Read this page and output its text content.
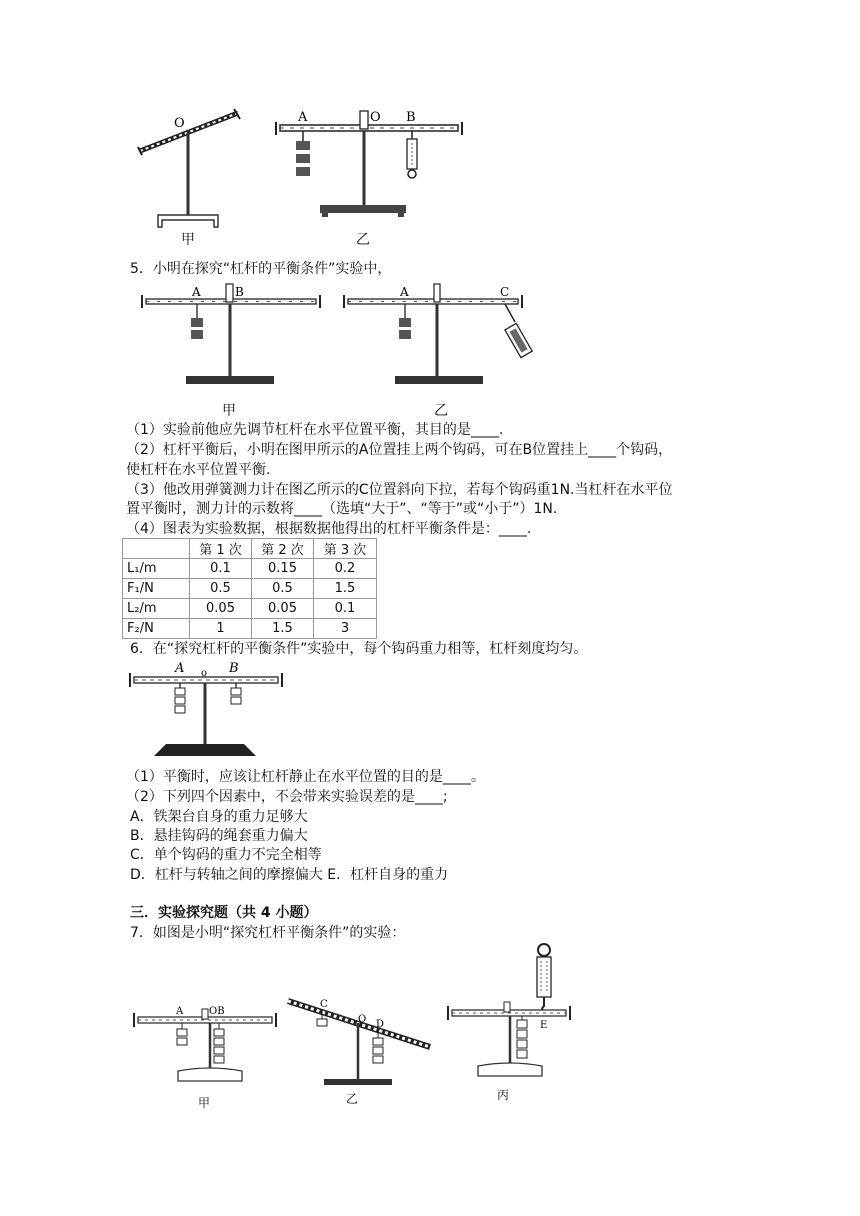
O
甲
A	O B
乙
5．小明在探究“杠杆的平衡条件”实验中，
A	B
甲
A	C
乙
（1）实验前他应先调节杠杆在水平位置平衡，其目的是____.
（2）杠杆平衡后，小明在图甲所示的A位置挂上两个钩码，可在B位置挂上____个钩码，
使杠杆在水平位置平衡.
（3）他改用弹簧测力计在图乙所示的C位置斜向下拉，若每个钩码重1N.当杠杆在水平位
置平衡时，测力计的示数将____（选填“大于”、“等于”或“小于”）1N.
（4）图表为实验数据，根据数据他得出的杠杆平衡条件是：____.
	第 1 次	第 2 次	第 3 次
L₁/m	0.1	0.15	0.2
F₁/N	0.5	0.5	1.5
L₂/m	0.05	0.05	0.1
F₂/N	1	1.5	3
6．在“探究杠杆的平衡条件”实验中，每个钩码重力相等，杠杆刻度均匀。
A o B
（1）平衡时，应该让杠杆静止在水平位置的目的是____。
（2）下列四个因素中，不会带来实验误差的是____;
A．铁架台自身的重力足够大
B．悬挂钩码的绳套重力偏大
C．单个钩码的重力不完全相等
D．杠杆与转轴之间的摩擦偏大 E．杠杆自身的重力
三．实验探究题（共 4 小题）
7．如图是小明“探究杠杆平衡条件”的实验：
A	OB
甲
C
O D
乙
E
丙
